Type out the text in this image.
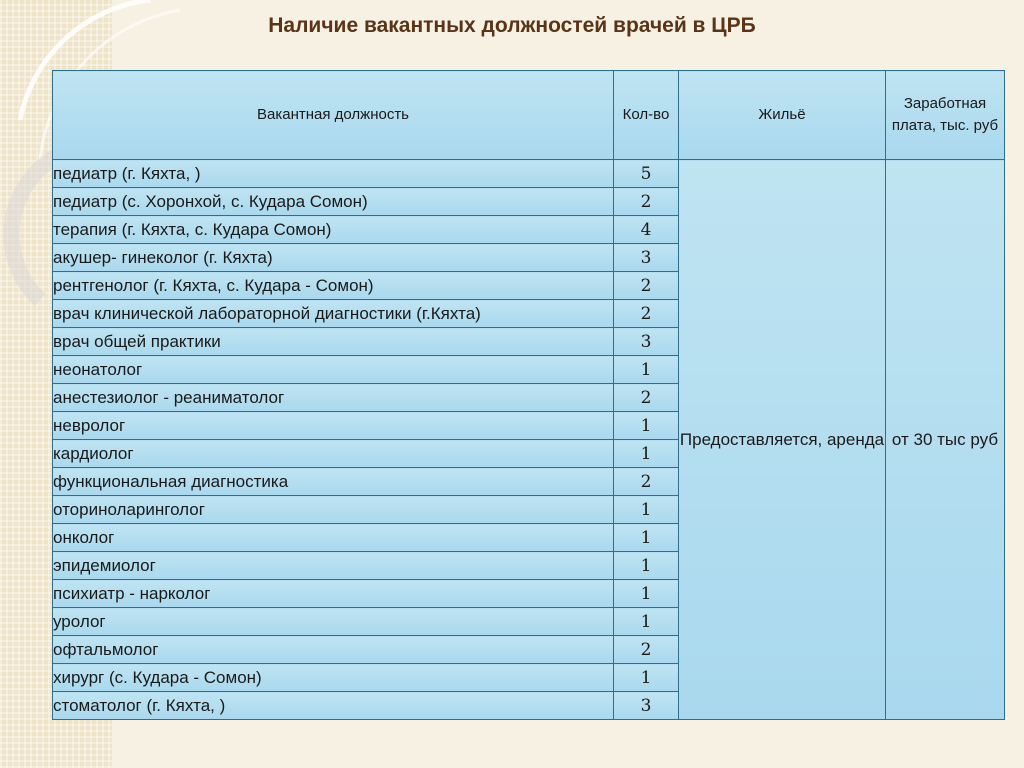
Наличие вакантных должностей врачей в ЦРБ
Вакантная должность	Кол-во	Жильё	Заработная плата, тыс. руб
педиатр (г. Кяхта, )	5	Предоставляется, аренда	от 30 тыс руб
педиатр (с. Хоронхой, с. Кудара Сомон)	2		
терапия (г. Кяхта, с. Кудара Сомон)	4		
акушер- гинеколог (г. Кяхта)	3		
рентгенолог (г. Кяхта, с. Кудара - Сомон)	2		
врач клинической лабораторной диагностики (г.Кяхта)	2		
врач общей практики	3		
неонатолог	1		
анестезиолог - реаниматолог	2		
невролог	1		
кардиолог	1		
функциональная диагностика	2		
оториноларинголог	1		
онколог	1		
эпидемиолог	1		
психиатр - нарколог	1		
уролог	1		
офтальмолог	2		
хирург (с. Кудара - Сомон)	1		
стоматолог (г. Кяхта, )	3		
